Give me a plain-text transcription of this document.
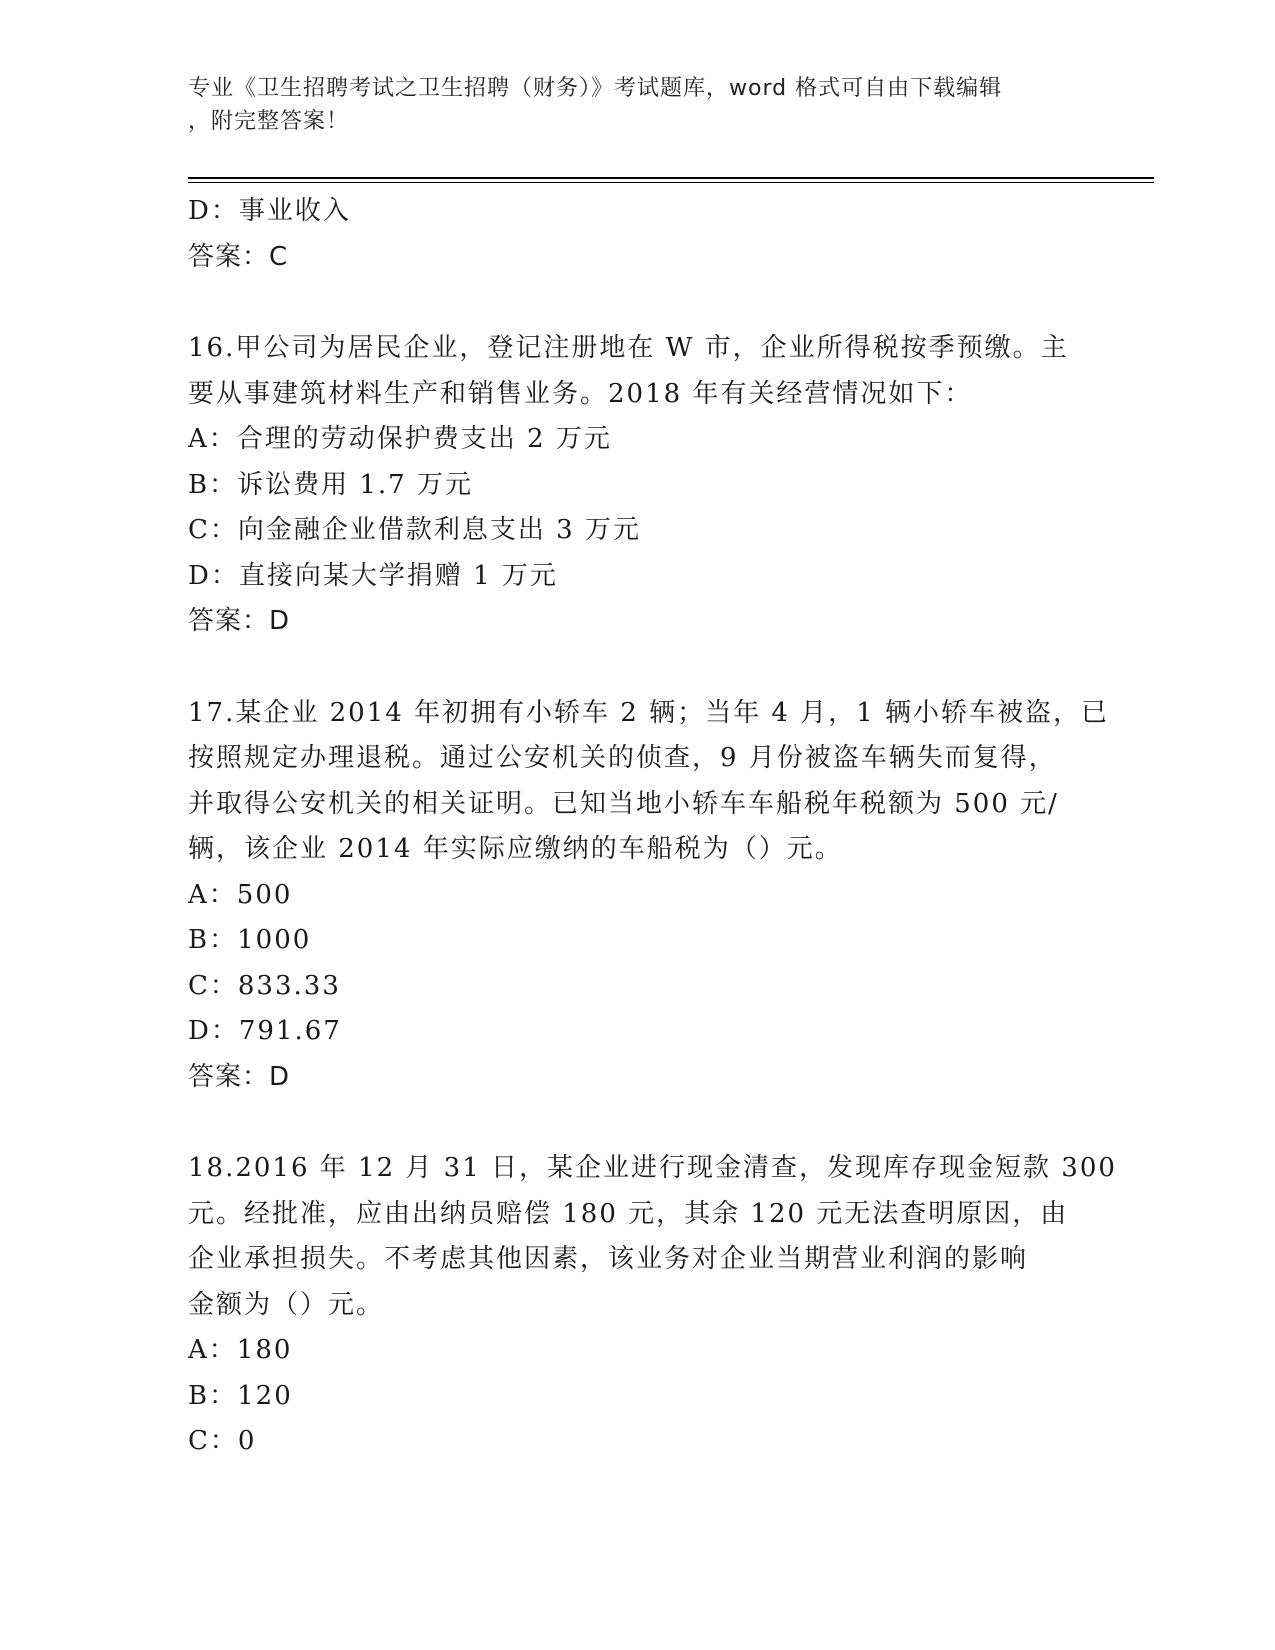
专业《卫生招聘考试之卫生招聘（财务）》考试题库，word 格式可自由下载编辑
，附完整答案！
D：事业收入
答案：C
16.甲公司为居民企业，登记注册地在 W 市，企业所得税按季预缴。主
要从事建筑材料生产和销售业务。2018 年有关经营情况如下：
A：合理的劳动保护费支出 2 万元
B：诉讼费用 1.7 万元
C：向金融企业借款利息支出 3 万元
D：直接向某大学捐赠 1 万元
答案：D
17.某企业 2014 年初拥有小轿车 2 辆；当年 4 月，1 辆小轿车被盗，已
按照规定办理退税。通过公安机关的侦查，9 月份被盗车辆失而复得，
并取得公安机关的相关证明。已知当地小轿车车船税年税额为 500 元/
辆，该企业 2014 年实际应缴纳的车船税为（）元。
A：500
B：1000
C：833.33
D：791.67
答案：D
18.2016 年 12 月 31 日，某企业进行现金清查，发现库存现金短款 300
元。经批准，应由出纳员赔偿 180 元，其余 120 元无法查明原因，由
企业承担损失。不考虑其他因素，该业务对企业当期营业利润的影响
金额为（）元。
A：180
B：120
C：0
